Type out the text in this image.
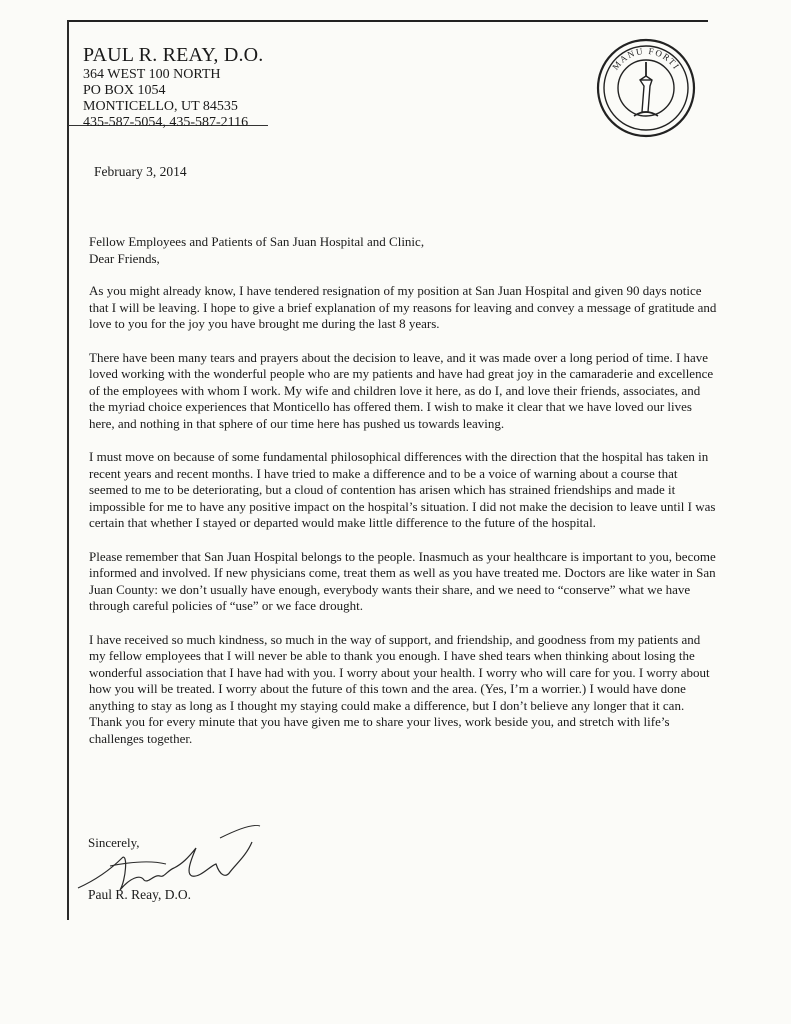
PAUL R. REAY, D.O.

364 WEST 100 NORTH

PO BOX 1054

MONTICELLO, UT 84535

435-587-5054, 435-587-2116

MANU FORTI
February 3, 2014

Fellow Employees and Patients of San Juan Hospital and Clinic,

Dear Friends,

As you might already know, I have tendered resignation of my position at San Juan Hospital and given 90 days notice that I will be leaving. I hope to give a brief explanation of my reasons for leaving and convey a message of gratitude and love to you for the joy you have brought me during the last 8 years.

There have been many tears and prayers about the decision to leave, and it was made over a long period of time. I have loved working with the wonderful people who are my patients and have had great joy in the camaraderie and excellence of the employees with whom I work. My wife and children love it here, as do I, and love their friends, associates, and the myriad choice experiences that Monticello has offered them. I wish to make it clear that we have loved our lives here, and nothing in that sphere of our time here has pushed us towards leaving.

I must move on because of some fundamental philosophical differences with the direction that the hospital has taken in recent years and recent months. I have tried to make a difference and to be a voice of warning about a course that seemed to me to be deteriorating, but a cloud of contention has arisen which has strained friendships and made it impossible for me to have any positive impact on the hospital’s situation. I did not make the decision to leave until I was certain that whether I stayed or departed would make little difference to the future of the hospital.

Please remember that San Juan Hospital belongs to the people. Inasmuch as your healthcare is important to you, become informed and involved. If new physicians come, treat them as well as you have treated me. Doctors are like water in San Juan County: we don’t usually have enough, everybody wants their share, and we need to “conserve” what we have through careful policies of “use” or we face drought.

I have received so much kindness, so much in the way of support, and friendship, and goodness from my patients and my fellow employees that I will never be able to thank you enough. I have shed tears when thinking about losing the wonderful association that I have had with you. I worry about your health. I worry who will care for you. I worry about how you will be treated. I worry about the future of this town and the area. (Yes, I’m a worrier.) I would have done anything to stay as long as I thought my staying could make a difference, but I don’t believe any longer that it can. Thank you for every minute that you have given me to share your lives, work beside you, and stretch with life’s challenges together.

Sincerely,
Paul R. Reay, D.O.
